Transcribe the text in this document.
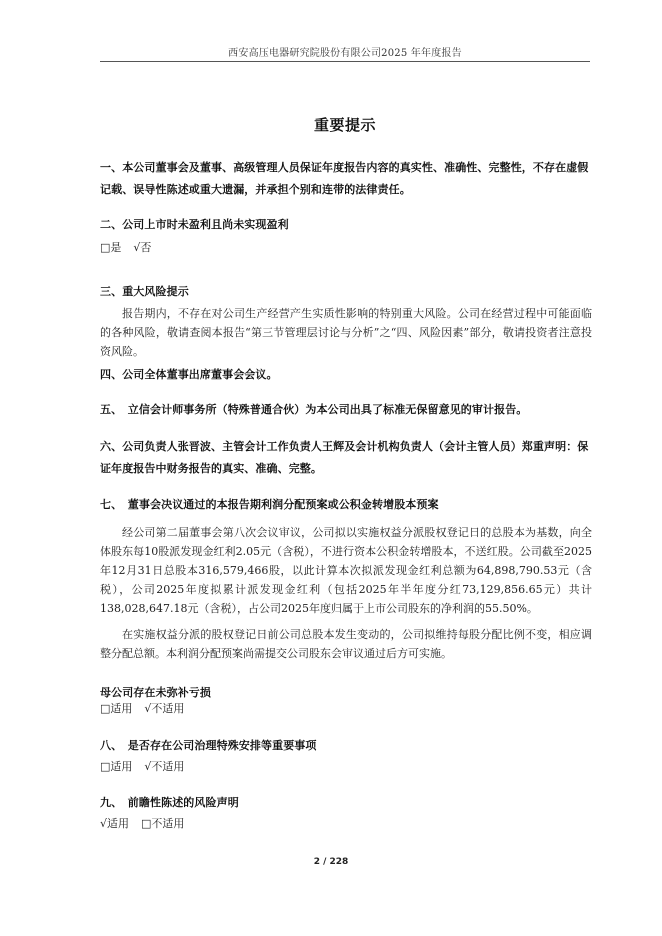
西安高压电器研究院股份有限公司2025 年年度报告
重要提示
一、本公司董事会及董事、高级管理人员保证年度报告内容的真实性、准确性、完整性，不存在虚假记载、误导性陈述或重大遗漏，并承担个别和连带的法律责任。
二、公司上市时未盈利且尚未实现盈利
□是 √否
三、重大风险提示
报告期内，不存在对公司生产经营产生实质性影响的特别重大风险。公司在经营过程中可能面临的各种风险，敬请查阅本报告“第三节管理层讨论与分析”之“四、风险因素”部分，敬请投资者注意投资风险。
四、公司全体董事出席董事会会议。
五、　立信会计师事务所（特殊普通合伙）为本公司出具了标准无保留意见的审计报告。
六、公司负责人张晋波、主管会计工作负责人王辉及会计机构负责人（会计主管人员）郑重声明：保证年度报告中财务报告的真实、准确、完整。
七、　董事会决议通过的本报告期利润分配预案或公积金转增股本预案
经公司第二届董事会第八次会议审议，公司拟以实施权益分派股权登记日的总股本为基数，向全体股东每10股派发现金红利2.05元（含税），不进行资本公积金转增股本，不送红股。公司截至2025年12月31日总股本316,579,466股，以此计算本次拟派发现金红利总额为64,898,790.53元（含税），公司2025年度拟累计派发现金红利（包括2025年半年度分红73,129,856.65元）共计138,028,647.18元（含税），占公司2025年度归属于上市公司股东的净利润的55.50%。
在实施权益分派的股权登记日前公司总股本发生变动的，公司拟维持每股分配比例不变，相应调整分配总额。本利润分配预案尚需提交公司股东会审议通过后方可实施。
母公司存在未弥补亏损
□适用 √不适用
八、　是否存在公司治理特殊安排等重要事项
□适用 √不适用
九、　前瞻性陈述的风险声明
√适用 □不适用
2 / 228
